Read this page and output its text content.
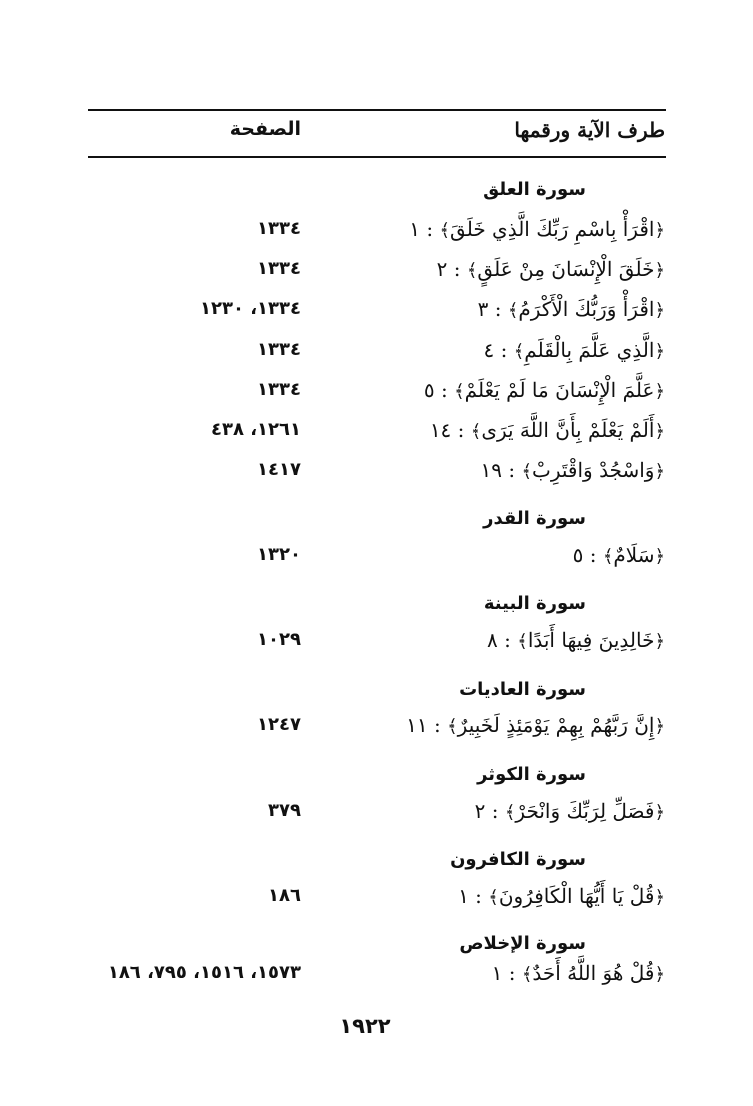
طرف الآية ورقمها
الصفحة
سورة العلق
﴿اقْرَأْ بِاسْمِ رَبِّكَ الَّذِي خَلَقَ﴾ : ١
١٣٣٤
﴿خَلَقَ الْإِنْسَانَ مِنْ عَلَقٍ﴾ : ٢
١٣٣٤
﴿اقْرَأْ وَرَبُّكَ الْأَكْرَمُ﴾ : ٣
١٣٣٤، ١٢٣٠
﴿الَّذِي عَلَّمَ بِالْقَلَمِ﴾ : ٤
١٣٣٤
﴿عَلَّمَ الْإِنْسَانَ مَا لَمْ يَعْلَمْ﴾ : ٥
١٣٣٤
﴿أَلَمْ يَعْلَمْ بِأَنَّ اللَّهَ يَرَى﴾ : ١٤
١٢٦١، ٤٣٨
﴿وَاسْجُدْ وَاقْتَرِبْ﴾ : ١٩
١٤١٧
سورة القدر
﴿سَلَامٌ﴾ : ٥
١٣٢٠
سورة البينة
﴿خَالِدِينَ فِيهَا أَبَدًا﴾ : ٨
١٠٢٩
سورة العاديات
﴿إِنَّ رَبَّهُمْ بِهِمْ يَوْمَئِذٍ لَخَبِيرٌ﴾ : ١١
١٢٤٧
سورة الكوثر
﴿فَصَلِّ لِرَبِّكَ وَانْحَرْ﴾ : ٢
٣٧٩
سورة الكافرون
﴿قُلْ يَا أَيُّهَا الْكَافِرُونَ﴾ : ١
١٨٦
سورة الإخلاص
﴿قُلْ هُوَ اللَّهُ أَحَدٌ﴾ : ١
١٥٧٣، ١٥١٦، ٧٩٥، ١٨٦
١٩٢٢
